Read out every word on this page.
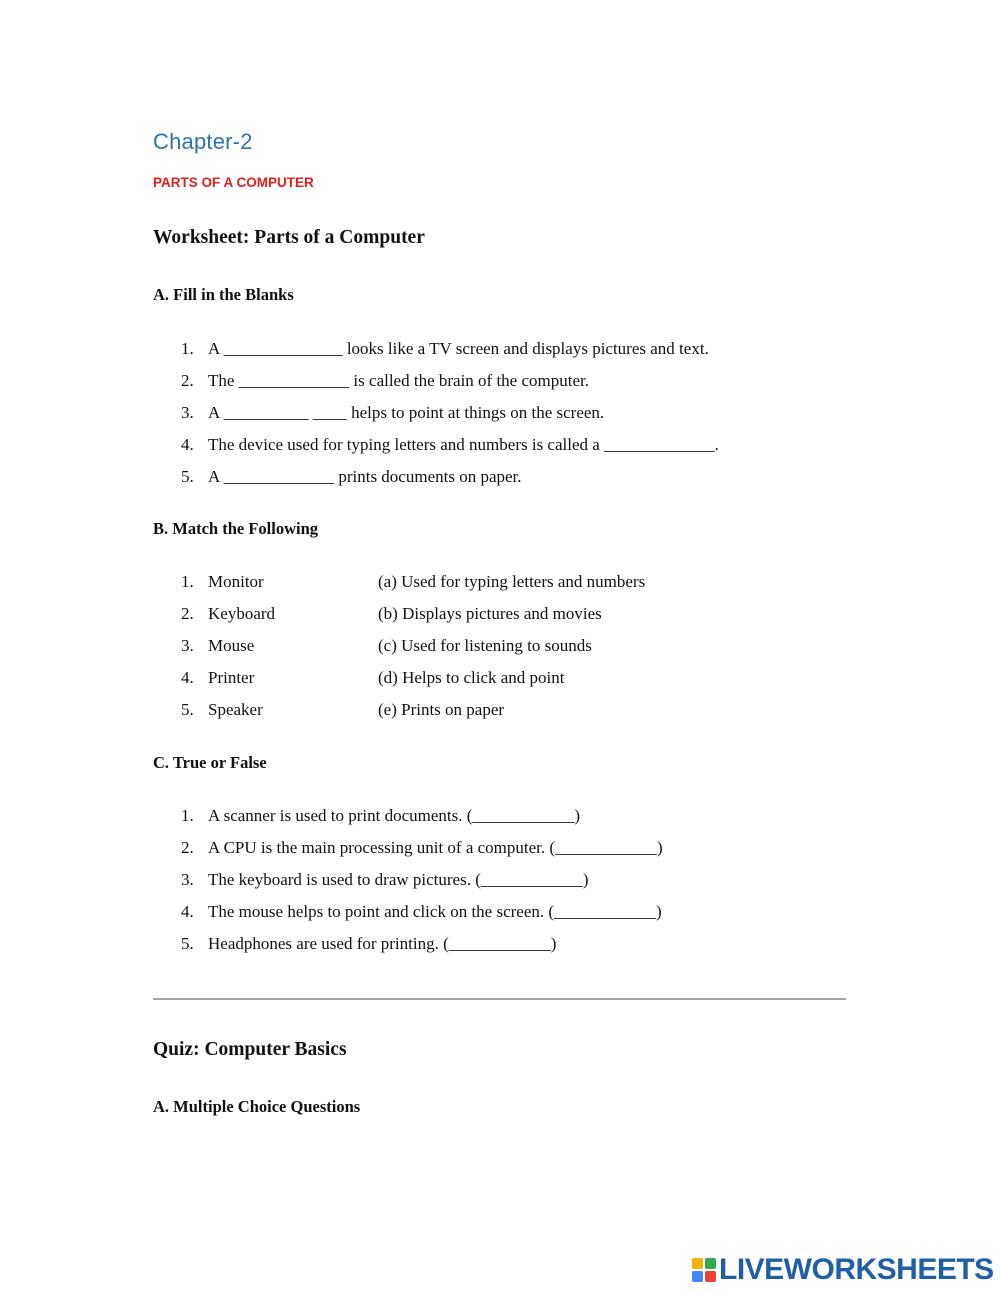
Chapter-2
PARTS OF A COMPUTER
Worksheet: Parts of a Computer
A. Fill in the Blanks
1. A ______________ looks like a TV screen and displays pictures and text.
2. The _____________ is called the brain of the computer.
3. A __________ ____ helps to point at things on the screen.
4. The device used for typing letters and numbers is called a _____________.
5. A _____________ prints documents on paper.
B. Match the Following
1. Monitor	(a) Used for typing letters and numbers
2. Keyboard	(b) Displays pictures and movies
3. Mouse	(c) Used for listening to sounds
4. Printer	(d) Helps to click and point
5. Speaker	(e) Prints on paper
C. True or False
1. A scanner is used to print documents. (____________)
2. A CPU is the main processing unit of a computer. (____________)
3. The keyboard is used to draw pictures. (____________)
4. The mouse helps to point and click on the screen. (____________)
5. Headphones are used for printing. (____________)
Quiz: Computer Basics
A. Multiple Choice Questions
LIVEWORKSHEETS
